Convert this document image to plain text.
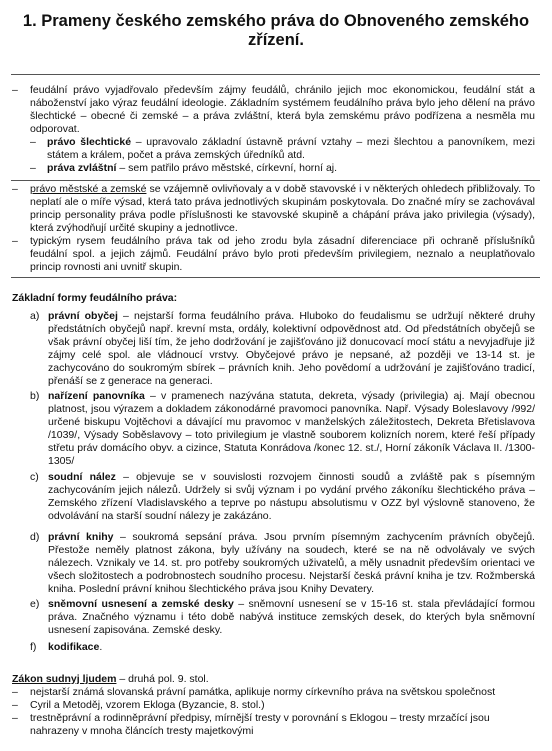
1. Prameny českého zemského práva do Obnoveného zemského
zřízení.
– feudální právo vyjadřovalo především zájmy feudálů, chránilo jejich moc ekonomickou, feudální stát a náboženství jako výraz feudální ideologie. Základním systémem feudálního práva bylo jeho dělení na právo šlechtické – obecné či zemské – a práva zvláštní, která byla zemskému právo podřízena a nesměla mu odporovat.
– právo šlechtické – upravovalo základní ústavně právní vztahy – mezi šlechtou a panovníkem, mezi státem a králem, počet a práva zemských úředníků atd.
– práva zvláštní – sem patřilo právo městské, církevní, horní aj.
– právo městské a zemské se vzájemně ovlivňovaly a v době stavovské i v některých ohledech přibližovaly. To neplatí ale o míře výsad, která tato práva jednotlivých skupinám poskytovala. Do značné míry se zachovával princip personality práva podle příslušnosti ke stavovské skupině a chápání práva jako privilegia (výsady), která zvýhodňují určité skupiny a jednotlivce.
– typickým rysem feudálního práva tak od jeho zrodu byla zásadní diferenciace při ochraně příslušníků feudální spol. a jejich zájmů. Feudální právo bylo proti především privilegiem, neznalo a neuplatňovalo princip rovnosti ani uvnitř skupin.
Základní formy feudálního práva:
a) právní obyčej – nejstarší forma feudálního práva. Hluboko do feudalismu se udržují některé druhy předstátních obyčejů např. krevní msta, ordály, kolektivní odpovědnost atd. Od předstátních obyčejů se však právní obyčej liší tím, že jeho dodržování je zajišťováno již donucovací mocí státu a nevyjadřuje již zájmy celé spol. ale vládnoucí vrstvy. Obyčejové právo je nepsané, až později ve 13-14 st. je zachycováno do soukromým sbírek – právních knih. Jeho povědomí a udržování je zajišťováno tradicí, přenáší se z generace na generaci.
b) nařízení panovníka – v pramenech nazývána statuta, dekreta, výsady (privilegia) aj. Mají obecnou platnost, jsou výrazem a dokladem zákonodárné pravomoci panovníka. Např. Výsady Boleslavovy /992/ určené biskupu Vojtěchovi a dávající mu pravomoc v manželských záležitostech, Dekreta Břetislavova /1039/, Výsady Soběslavovy – toto privilegium je vlastně souborem kolizních norem, které řeší případy střetu práv domácího obyv. a cizince, Statuta Konrádova /konec 12. st./, Horní zákoník Václava II. /1300-1305/
c) soudní nález – objevuje se v souvislosti rozvojem činnosti soudů a zvláště pak s písemným zachycováním jejich nálezů. Udržely si svůj význam i po vydání prvého zákoníku šlechtického práva – Zemského zřízení Vladislavského a teprve po nástupu absolutismu v OZZ byl výslovně stanoveno, že odvolávání na starší soudní nálezy je zakázáno.
d) právní knihy – soukromá sepsání práva. Jsou prvním písemným zachycením právních obyčejů. Přestože neměly platnost zákona, byly užívány na soudech, které se na ně odvolávaly ve svých nálezech. Vznikaly ve 14. st. pro potřeby soukromých uživatelů, a měly usnadnit především orientaci ve všech složitostech a podrobnostech soudního procesu. Nejstarší česká právní kniha je tzv. Rožmberská kniha. Poslední právní knihou šlechtického práva jsou Knihy Devatery.
e) sněmovní usnesení a zemské desky – sněmovní usnesení se v 15-16 st. stala převládající formou práva. Značného významu i této době nabývá instituce zemských desek, do kterých byla sněmovní usnesení zapisována. Zemské desky.
f) kodifikace.
Zákon sudnyj ljudem – druhá pol. 9. stol.
– nejstarší známá slovanská právní památka, aplikuje normy církevního práva na světskou společnost
– Cyril a Metoděj, vzorem Ekloga (Byzancie, 8. stol.)
– trestněprávní a rodinněprávní předpisy, mírnější tresty v porovnání s Eklogou – tresty mrzačící jsou nahrazeny v mnoha článcích tresty majetkovými
